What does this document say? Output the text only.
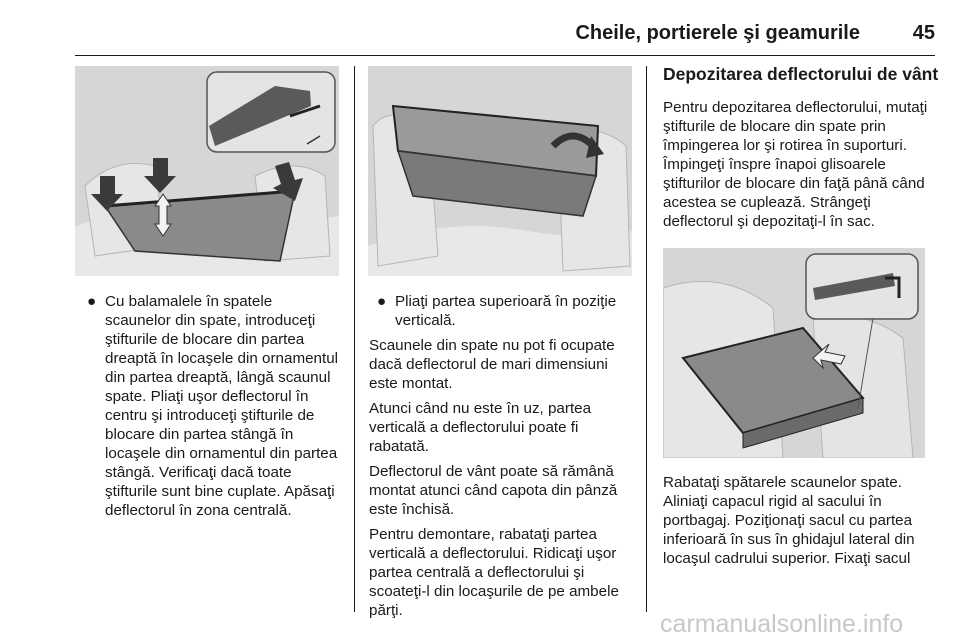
Cheile, portierele şi geamurile	45
● Cu balamalele în spatele scaunelor din spate, introduceţi ştifturile de blocare din partea dreaptă în locaşele din ornamentul din partea dreaptă, lângă scaunul spate. Pliaţi uşor deflectorul în centru şi introduceţi ştifturile de blocare din partea stângă în locaşele din ornamentul din partea stângă. Verificaţi dacă toate ştifturile sunt bine cuplate. Apăsaţi deflectorul în zona centrală.
● Pliaţi partea superioară în poziţie verticală.

Scaunele din spate nu pot fi ocupate dacă deflectorul de mari dimensiuni este montat.

Atunci când nu este în uz, partea verticală a deflectorului poate fi rabatată.

Deflectorul de vânt poate să rămână montat atunci când capota din pânză este închisă.

Pentru demontare, rabataţi partea verticală a deflectorului. Ridicaţi uşor partea centrală a deflectorului şi scoateţi-l din locaşurile de pe ambele părţi.

Depozitarea deflectorului de vânt

Pentru depozitarea deflectorului, mutaţi ştifturile de blocare din spate prin împingerea lor şi rotirea în suporturi. Împingeţi înspre înapoi glisoarele ştifturilor de blocare din faţă până când acestea se cuplează. Strângeţi deflectorul şi depozitaţi-l în sac.

Rabataţi spătarele scaunelor spate. Aliniaţi capacul rigid al sacului în portbagaj. Poziţionaţi sacul cu partea inferioară în sus în ghidajul lateral din locaşul cadrului superior. Fixaţi sacul

carmanualsonline.info
